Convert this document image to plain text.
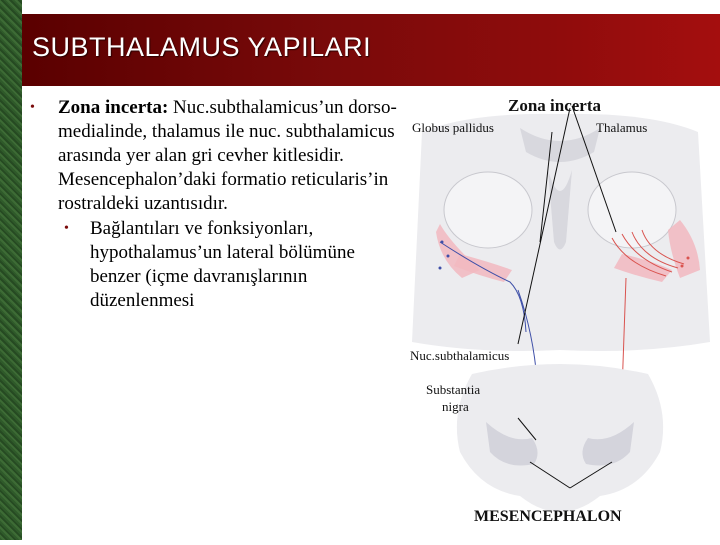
SUBTHALAMUS YAPILARI
• Zona incerta: Nuc.subthalamicus’un dorso-medialinde, thalamus ile nuc. subthalamicus arasında yer alan gri cevher kitlesidir. Mesencephalon’daki formatio reticularis’in rostraldeki uzantısıdır.
• Bağlantıları ve fonksiyonları, hypothalamus’un lateral bölümüne benzer (içme davranışlarının düzenlenmesi
Zona incerta
Globus pallidus	Thalamus
Nuc.subthalamicus
Substantia
nigra
MESENCEPHALON
